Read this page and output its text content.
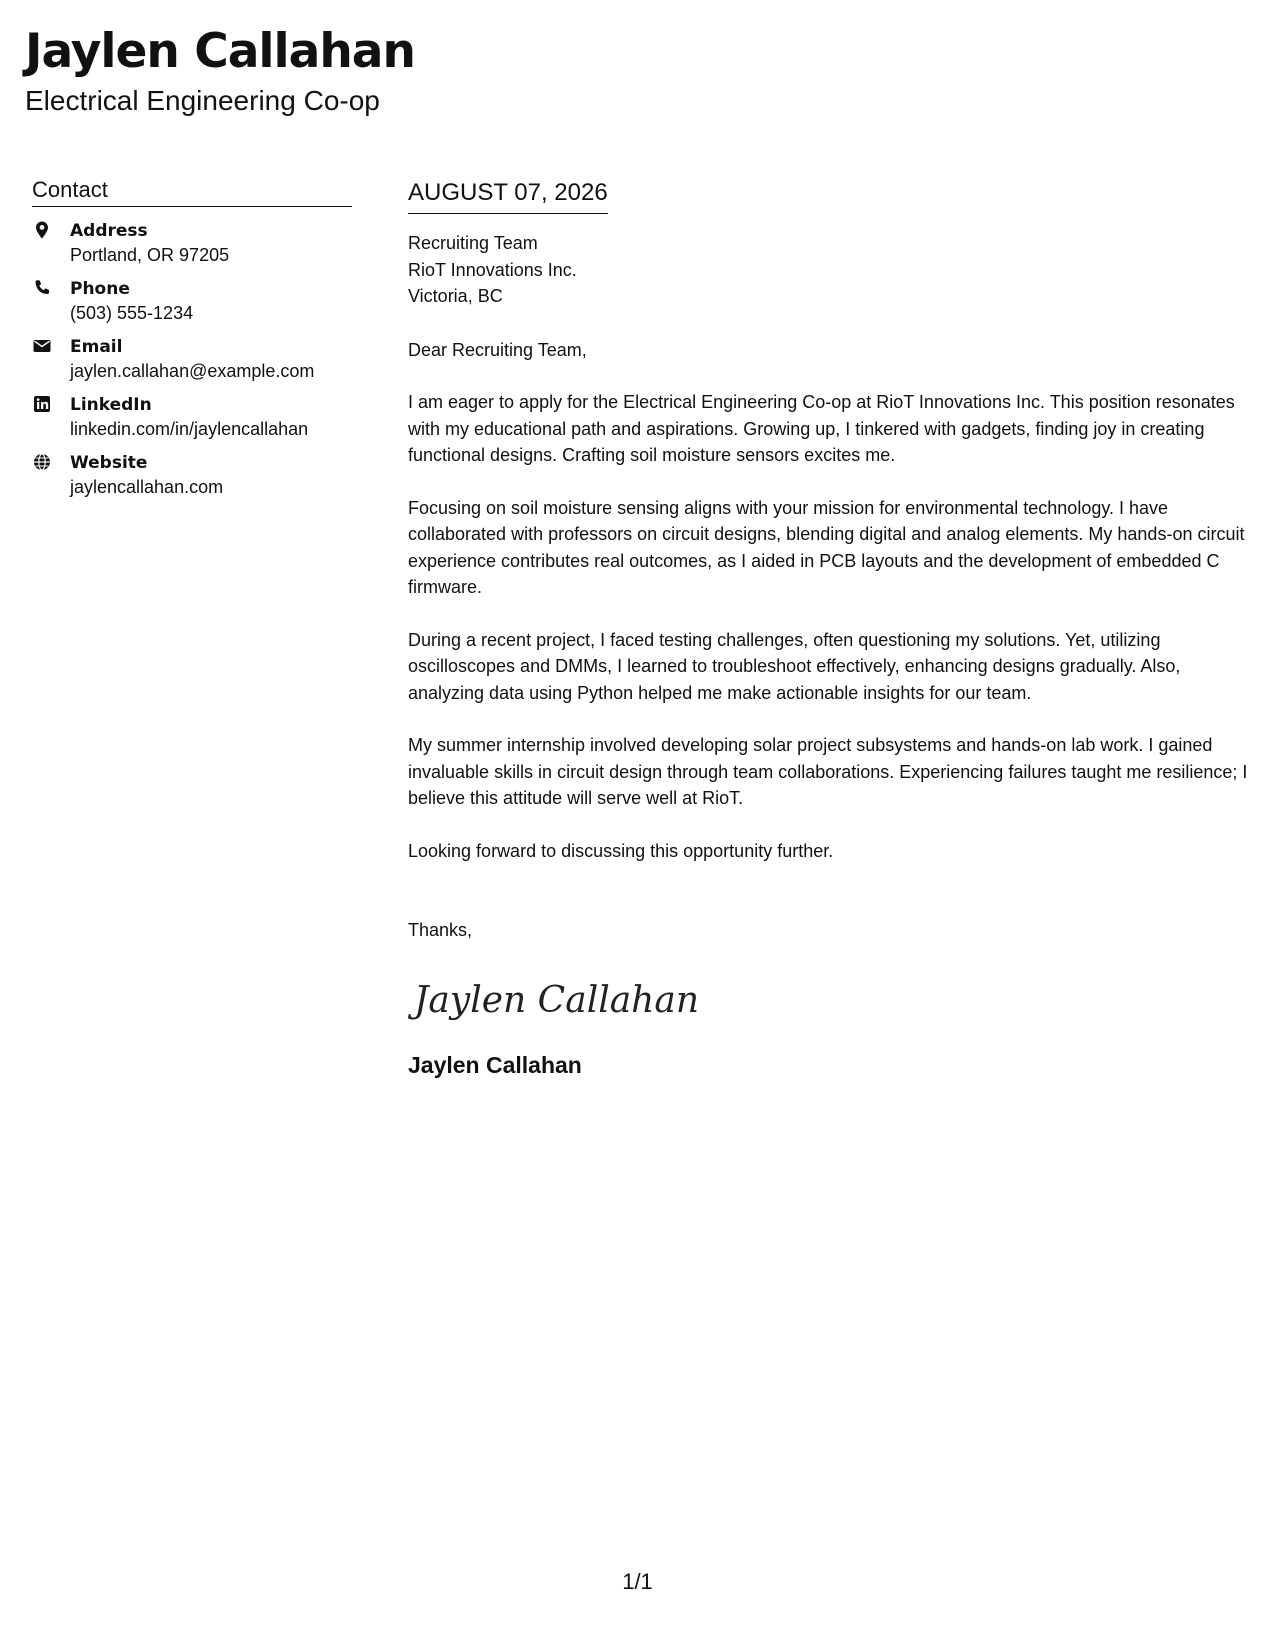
Jaylen Callahan
Electrical Engineering Co-op
Contact
Address
Portland, OR 97205
Phone
(503) 555-1234
Email
jaylen.callahan@example.com
LinkedIn
linkedin.com/in/jaylencallahan
Website
jaylencallahan.com
AUGUST 07, 2026
Recruiting Team
RioT Innovations Inc.
Victoria, BC
Dear Recruiting Team,
I am eager to apply for the Electrical Engineering Co-op at RioT Innovations Inc. This position resonates with my educational path and aspirations. Growing up, I tinkered with gadgets, finding joy in creating functional designs. Crafting soil moisture sensors excites me.
Focusing on soil moisture sensing aligns with your mission for environmental technology. I have collaborated with professors on circuit designs, blending digital and analog elements. My hands-on circuit experience contributes real outcomes, as I aided in PCB layouts and the development of embedded C firmware.
During a recent project, I faced testing challenges, often questioning my solutions. Yet, utilizing oscilloscopes and DMMs, I learned to troubleshoot effectively, enhancing designs gradually. Also, analyzing data using Python helped me make actionable insights for our team.
My summer internship involved developing solar project subsystems and hands-on lab work. I gained invaluable skills in circuit design through team collaborations. Experiencing failures taught me resilience; I believe this attitude will serve well at RioT.
Looking forward to discussing this opportunity further.
Thanks,
Jaylen Callahan
Jaylen Callahan
1/1
